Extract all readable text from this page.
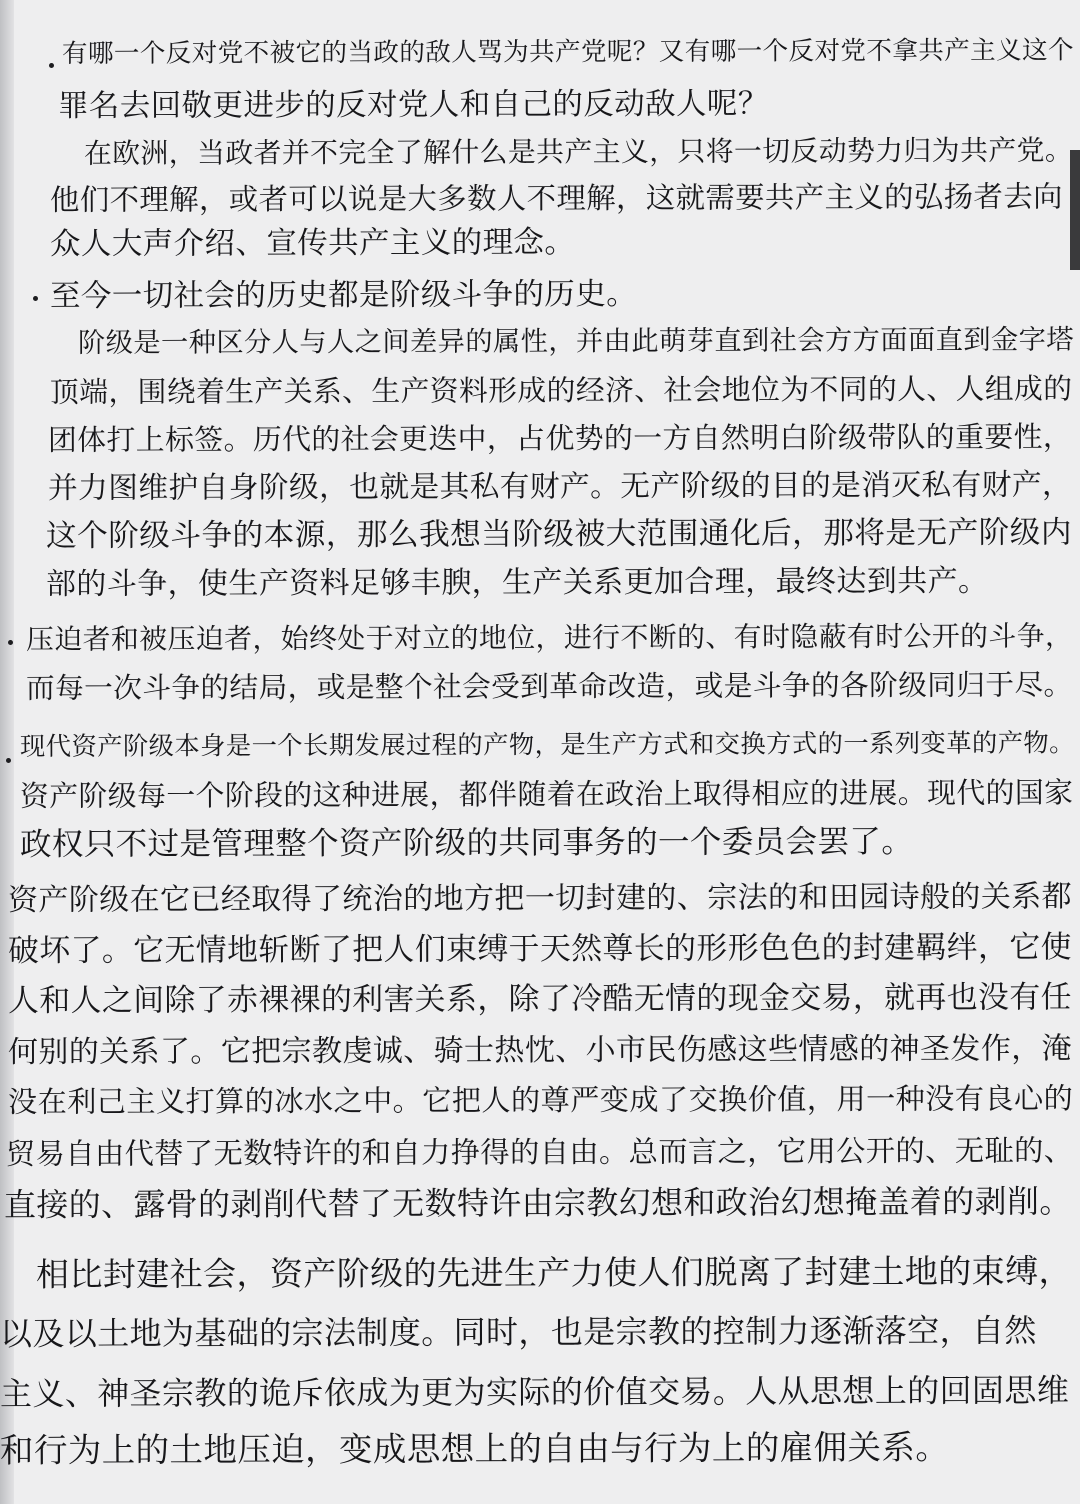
有哪一个反对党不被它的当政的敌人骂为共产党呢？又有哪一个反对党不拿共产主义这个
罪名去回敬更进步的反对党人和自己的反动敌人呢？
在欧洲，当政者并不完全了解什么是共产主义，只将一切反动势力归为共产党。
他们不理解，或者可以说是大多数人不理解，这就需要共产主义的弘扬者去向
众人大声介绍、宣传共产主义的理念。
至今一切社会的历史都是阶级斗争的历史。
阶级是一种区分人与人之间差异的属性，并由此萌芽直到社会方方面面直到金字塔
顶端，围绕着生产关系、生产资料形成的经济、社会地位为不同的人、人组成的
团体打上标签。历代的社会更迭中，占优势的一方自然明白阶级带队的重要性，
并力图维护自身阶级，也就是其私有财产。无产阶级的目的是消灭私有财产，
这个阶级斗争的本源，那么我想当阶级被大范围通化后，那将是无产阶级内
部的斗争，使生产资料足够丰腴，生产关系更加合理，最终达到共产。
压迫者和被压迫者，始终处于对立的地位，进行不断的、有时隐蔽有时公开的斗争，
而每一次斗争的结局，或是整个社会受到革命改造，或是斗争的各阶级同归于尽。
现代资产阶级本身是一个长期发展过程的产物，是生产方式和交换方式的一系列变革的产物。
资产阶级每一个阶段的这种进展，都伴随着在政治上取得相应的进展。现代的国家
政权只不过是管理整个资产阶级的共同事务的一个委员会罢了。
资产阶级在它已经取得了统治的地方把一切封建的、宗法的和田园诗般的关系都
破坏了。它无情地斩断了把人们束缚于天然尊长的形形色色的封建羁绊，它使
人和人之间除了赤裸裸的利害关系，除了冷酷无情的现金交易，就再也没有任
何别的关系了。它把宗教虔诚、骑士热忱、小市民伤感这些情感的神圣发作，淹
没在利己主义打算的冰水之中。它把人的尊严变成了交换价值，用一种没有良心的
贸易自由代替了无数特许的和自力挣得的自由。总而言之，它用公开的、无耻的、
直接的、露骨的剥削代替了无数特许由宗教幻想和政治幻想掩盖着的剥削。
相比封建社会，资产阶级的先进生产力使人们脱离了封建土地的束缚，
以及以土地为基础的宗法制度。同时，也是宗教的控制力逐渐落空，自然
主义、神圣宗教的诡斥依成为更为实际的价值交易。人从思想上的回固思维
和行为上的土地压迫，变成思想上的自由与行为上的雇佣关系。
